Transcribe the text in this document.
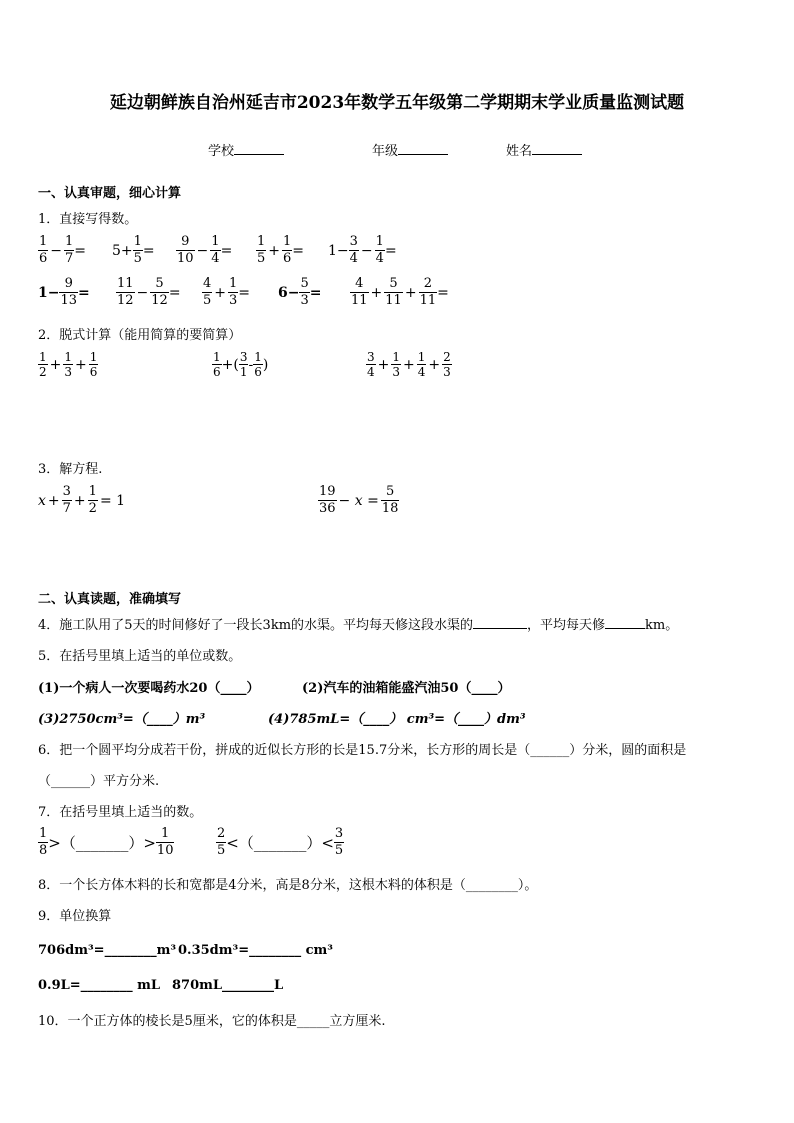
延边朝鲜族自治州延吉市2023年数学五年级第二学期期末学业质量监测试题
学校	年级	姓名
一、认真审题，细心计算
1．直接写得数。
$\frac{1}{6} - \frac{1}{7} = 5+ \frac{1}{5} = \frac{9}{10} - \frac{1}{4} = \frac{1}{5} + \frac{1}{6} = 1- \frac{3}{4} - \frac{1}{4}$ =
$1- \frac{9}{13} = \frac{11}{12} - \frac{5}{12} = \frac{4}{5} + \frac{1}{3} = 6- \frac{5}{3} = \frac{4}{11} + \frac{5}{11} + \frac{2}{11}$ =
2．脱式计算（能用简算的要简算）
$\frac{1}{2} + \frac{1}{3} + \frac{1}{6}$	$\frac{1}{6}$ +( $\frac{3}{1} - \frac{1}{6}$ )	$\frac{3}{4} + \frac{1}{3} + \frac{1}{4} + \frac{2}{3}$
3．解方程.
$x + \frac{3}{7} + \frac{1}{2} = 1$	$\frac{19}{36} - x = \frac{5}{18}$
二、认真读题，准确填写
4．施工队用了5天的时间修好了一段长3km的水渠。平均每天修这段水渠的	，平均每天修	km。
5．在括号里填上适当的单位或数。
(1)一个病人一次要喝药水20（____）	(2)汽车的油箱能盛汽油50（____）
(3)2750cm³=（____）m³	(4)785mL=（____） cm³=（____）dm³
6．把一个圆平均分成若干份，拼成的近似长方形的长是15.7分米，长方形的周长是（______）分米，圆的面积是
（______）平方分米.
7．在括号里填上适当的数。
$\frac{1}{8}$ >（_______）> $\frac{1}{10}$	$\frac{2}{5}$ <（_______）< $\frac{3}{5}$
8．一个长方体木料的长和宽都是4分米，高是8分米，这根木料的体积是（________）。
9．单位换算
706dm³=________m³ 0.35dm³=________ cm³
0.9L=________ mL 870mL________L
10．一个正方体的棱长是5厘米，它的体积是_____立方厘米.
